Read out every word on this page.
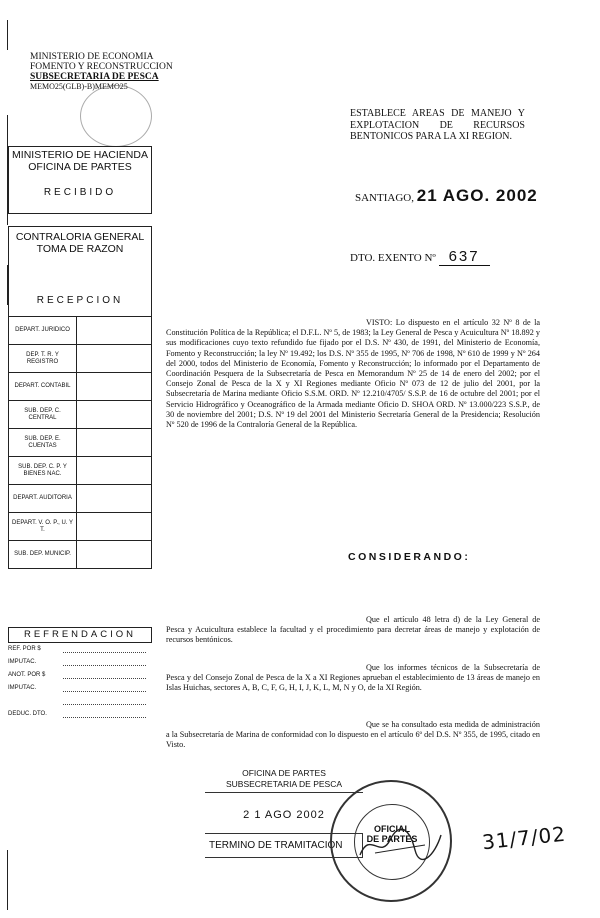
MINISTERIO DE ECONOMIA
FOMENTO Y RECONSTRUCCION
SUBSECRETARIA DE PESCA
MEMO25(GLB)-B)MEMO25
ESTABLECE AREAS DE MANEJO Y EXPLOTACION DE RECURSOS BENTONICOS PARA LA XI REGION.
SANTIAGO, 21 AGO. 2002
DTO. EXENTO Nº 637
MINISTERIO DE HACIENDA
OFICINA DE PARTES
RECIBIDO
CONTRALORIA GENERAL
TOMA DE RAZON
RECEPCION
DEPART. JURIDICO
DEP. T. R. Y REGISTRO
DEPART. CONTABIL
SUB. DEP. C. CENTRAL
SUB. DEP. E. CUENTAS
SUB. DEP. C. P. Y BIENES NAC.
DEPART. AUDITORIA
DEPART. V. O. P., U. Y T.
SUB. DEP. MUNICIP.
REFRENDACION
REF. POR $
IMPUTAC.
ANOT. POR $
IMPUTAC.
DEDUC. DTO.

VISTO: Lo dispuesto en el artículo 32 Nº 8 de la Constitución Política de la República; el D.F.L. Nº 5, de 1983; la Ley General de Pesca y Acuicultura Nº 18.892 y sus modificaciones cuyo texto refundido fue fijado por el D.S. Nº 430, de 1991, del Ministerio de Economía, Fomento y Reconstrucción; la ley Nº 19.492; los D.S. Nº 355 de 1995, Nº 706 de 1998, Nº 610 de 1999 y Nº 264 del 2000, todos del Ministerio de Economía, Fomento y Reconstrucción; lo informado por el Departamento de Coordinación Pesquera de la Subsecretaría de Pesca en Memorandum Nº 25 de 14 de enero del 2002; por el Consejo Zonal de Pesca de la X y XI Regiones mediante Oficio Nº 073 de 12 de julio del 2001, por la Subsecretaría de Marina mediante Oficio S.S.M. ORD. Nº 12.210/4705/ S.S.P. de 16 de octubre del 2001; por el Servicio Hidrográfico y Oceanográfico de la Armada mediante Oficio D. SHOA ORD. Nº 13.000/223 S.S.P., de 30 de noviembre del 2001; D.S. Nº 19 del 2001 del Ministerio Secretaría General de la Presidencia; Resolución Nº 520 de 1996 de la Contraloría General de la República.

CONSIDERANDO:

Que el artículo 48 letra d) de la Ley General de Pesca y Acuicultura establece la facultad y el procedimiento para decretar áreas de manejo y explotación de recursos bentónicos.

Que los informes técnicos de la Subsecretaría de Pesca y del Consejo Zonal de Pesca de la X a XI Regiones aprueban el establecimiento de 13 áreas de manejo en Islas Huichas, sectores A, B, C, F, G, H, I, J, K, L, M, N y O, de la XI Región.

Que se ha consultado esta medida de administración a la Subsecretaría de Marina de conformidad con lo dispuesto en el artículo 6º del D.S. Nº 355, de 1995, citado en Visto.

OFICINA DE PARTES
SUBSECRETARIA DE PESCA
2 1 AGO 2002
TERMINO DE TRAMITACION
OFICIAL
DE PARTES	31/7/02
